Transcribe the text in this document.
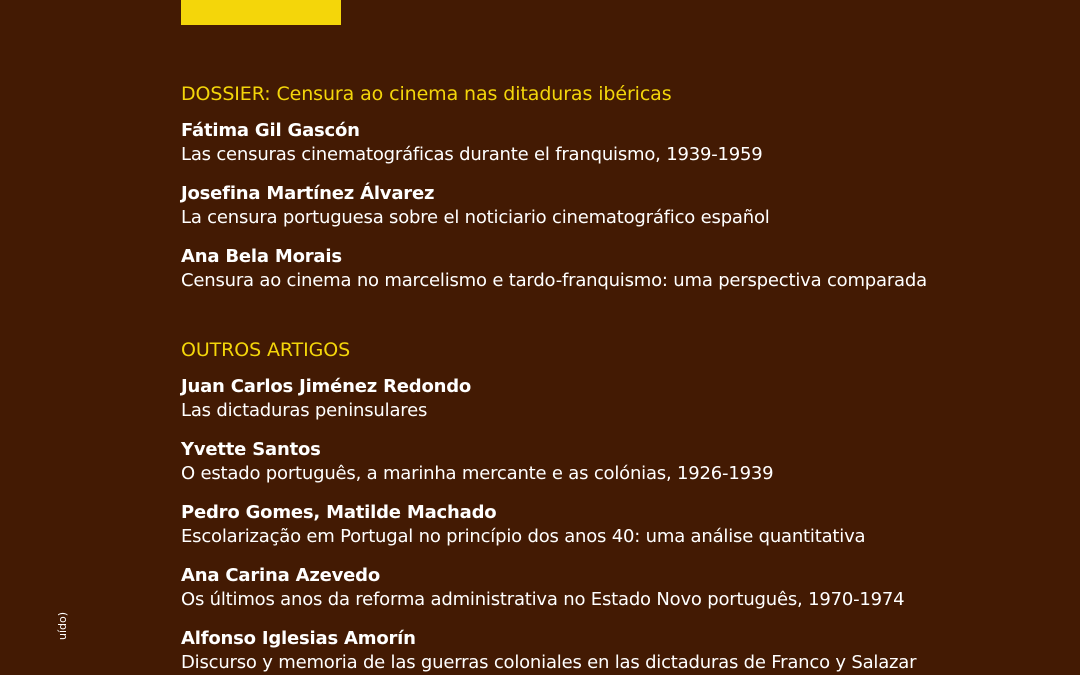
uído)
DOSSIER: Censura ao cinema nas ditaduras ibéricas

Fátima Gil Gascón

Las censuras cinematográficas durante el franquismo, 1939-1959

Josefina Martínez Álvarez

La censura portuguesa sobre el noticiario cinematográfico español

Ana Bela Morais

Censura ao cinema no marcelismo e tardo-franquismo: uma perspectiva comparada

OUTROS ARTIGOS

Juan Carlos Jiménez Redondo

Las dictaduras peninsulares

Yvette Santos

O estado português, a marinha mercante e as colónias, 1926-1939

Pedro Gomes, Matilde Machado

Escolarização em Portugal no princípio dos anos 40: uma análise quantitativa

Ana Carina Azevedo

Os últimos anos da reforma administrativa no Estado Novo português, 1970-1974

Alfonso Iglesias Amorín

Discurso y memoria de las guerras coloniales en las dictaduras de Franco y Salazar
